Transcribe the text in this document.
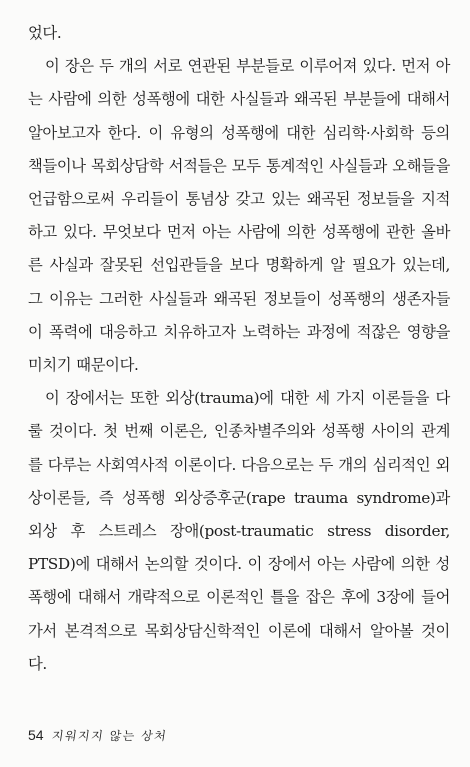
었다.

이 장은 두 개의 서로 연관된 부분들로 이루어져 있다. 먼저 아는 사람에 의한 성폭행에 대한 사실들과 왜곡된 부분들에 대해서 알아보고자 한다. 이 유형의 성폭행에 대한 심리학·사회학 등의 책들이나 목회상담학 서적들은 모두 통계적인 사실들과 오해들을 언급함으로써 우리들이 통념상 갖고 있는 왜곡된 정보들을 지적하고 있다. 무엇보다 먼저 아는 사람에 의한 성폭행에 관한 올바른 사실과 잘못된 선입관들을 보다 명확하게 알 필요가 있는데, 그 이유는 그러한 사실들과 왜곡된 정보들이 성폭행의 생존자들이 폭력에 대응하고 치유하고자 노력하는 과정에 적잖은 영향을 미치기 때문이다.

이 장에서는 또한 외상(trauma)에 대한 세 가지 이론들을 다룰 것이다. 첫 번째 이론은, 인종차별주의와 성폭행 사이의 관계를 다루는 사회역사적 이론이다. 다음으로는 두 개의 심리적인 외상이론들, 즉 성폭행 외상증후군(rape trauma syndrome)과 외상 후 스트레스 장애(post-traumatic stress disorder, PTSD)에 대해서 논의할 것이다. 이 장에서 아는 사람에 의한 성폭행에 대해서 개략적으로 이론적인 틀을 잡은 후에 3장에 들어가서 본격적으로 목회상담신학적인 이론에 대해서 알아볼 것이다.

54 지워지지 않는 상처
